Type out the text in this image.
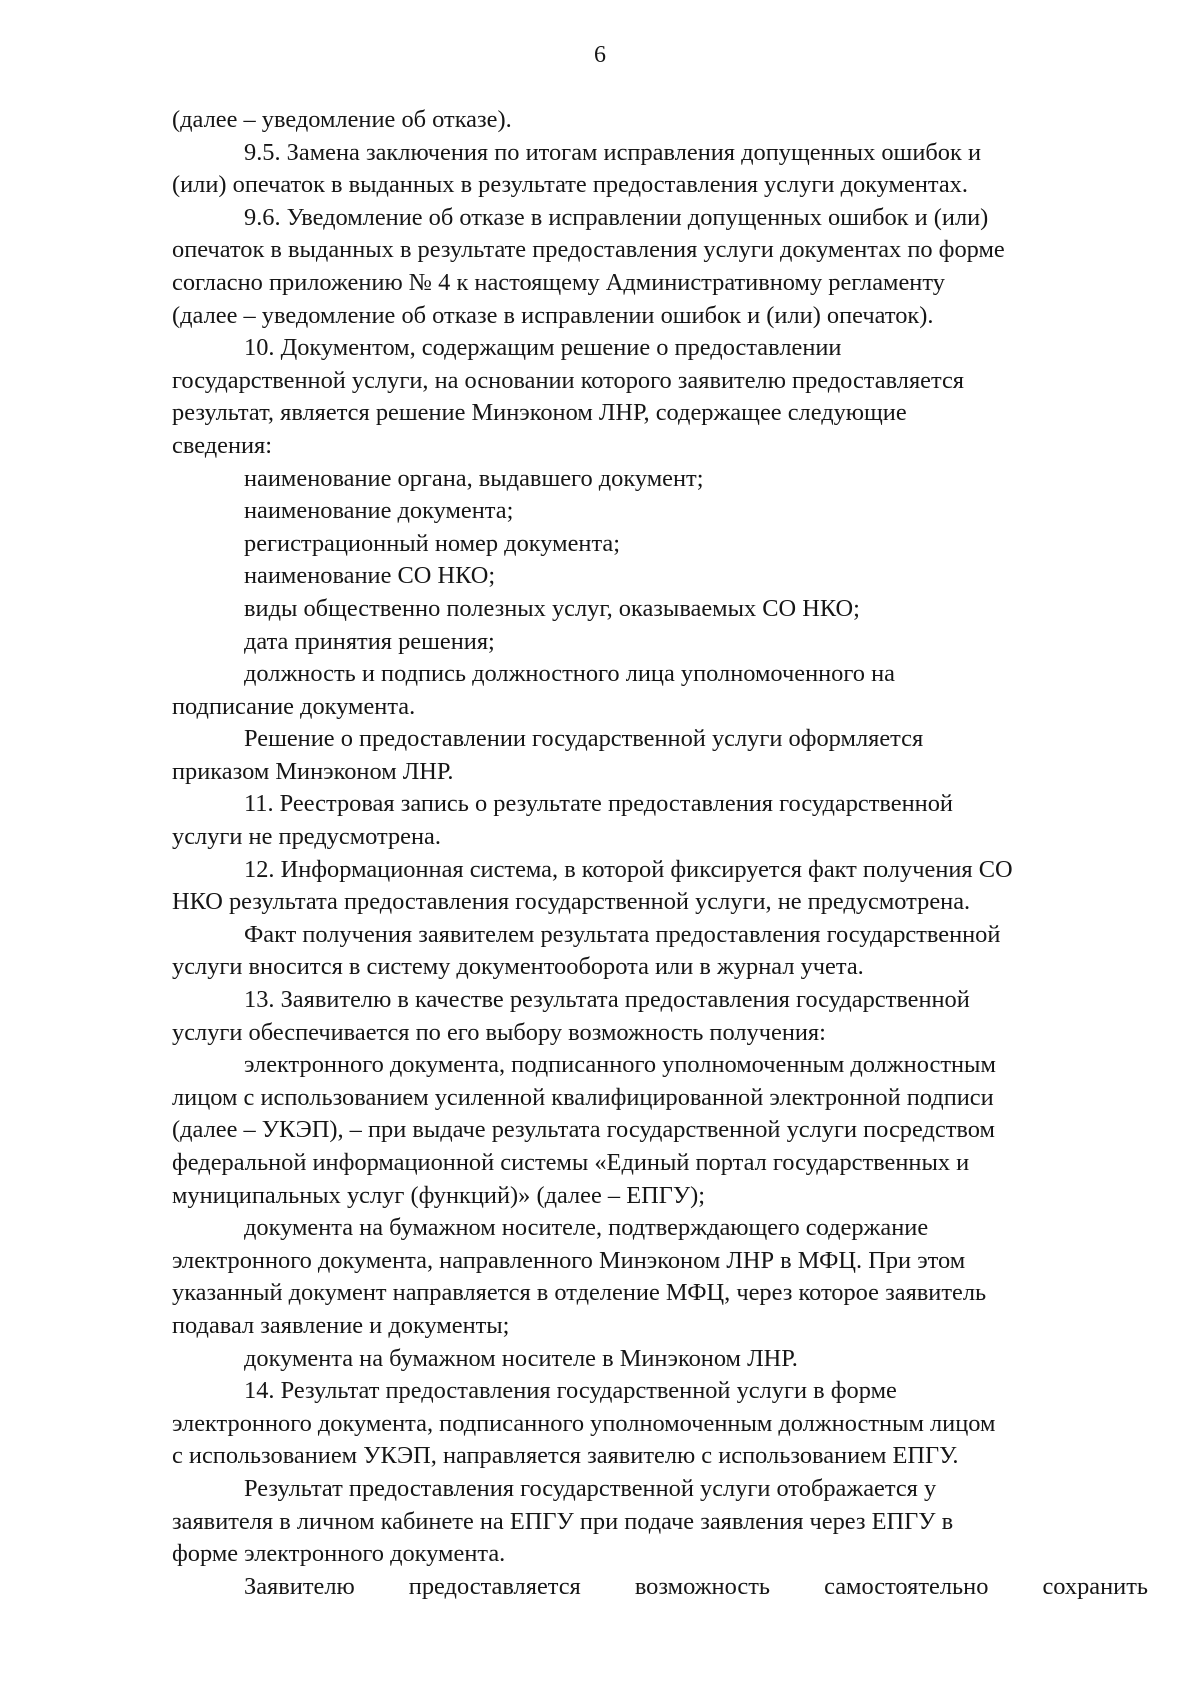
6

(далее – уведомление об отказе).

9.5. Замена заключения по итогам исправления допущенных ошибок и
(или) опечаток в выданных в результате предоставления услуги документах.

9.6. Уведомление об отказе в исправлении допущенных ошибок и (или)
опечаток в выданных в результате предоставления услуги документах по форме
согласно приложению № 4 к настоящему Административному регламенту
(далее – уведомление об отказе в исправлении ошибок и (или) опечаток).

10. Документом, содержащим решение о предоставлении
государственной услуги, на основании которого заявителю предоставляется
результат, является решение Минэконом ЛНР, содержащее следующие
сведения:

наименование органа, выдавшего документ;

наименование документа;

регистрационный номер документа;

наименование СО НКО;

виды общественно полезных услуг, оказываемых СО НКО;

дата принятия решения;

должность и подпись должностного лица уполномоченного на
подписание документа.

Решение о предоставлении государственной услуги оформляется
приказом Минэконом ЛНР.

11. Реестровая запись о результате предоставления государственной
услуги не предусмотрена.

12. Информационная система, в которой фиксируется факт получения СО
НКО результата предоставления государственной услуги, не предусмотрена.

Факт получения заявителем результата предоставления государственной
услуги вносится в систему документооборота или в журнал учета.

13. Заявителю в качестве результата предоставления государственной
услуги обеспечивается по его выбору возможность получения:

электронного документа, подписанного уполномоченным должностным
лицом с использованием усиленной квалифицированной электронной подписи
(далее – УКЭП), – при выдаче результата государственной услуги посредством
федеральной информационной системы «Единый портал государственных и
муниципальных услуг (функций)» (далее – ЕПГУ);

документа на бумажном носителе, подтверждающего содержание
электронного документа, направленного Минэконом ЛНР в МФЦ. При этом
указанный документ направляется в отделение МФЦ, через которое заявитель
подавал заявление и документы;

документа на бумажном носителе в Минэконом ЛНР.

14. Результат предоставления государственной услуги в форме
электронного документа, подписанного уполномоченным должностным лицом
с использованием УКЭП, направляется заявителю с использованием ЕПГУ.

Результат предоставления государственной услуги отображается у
заявителя в личном кабинете на ЕПГУ при подаче заявления через ЕПГУ в
форме электронного документа.

Заявителю предоставляется возможность самостоятельно сохранить
